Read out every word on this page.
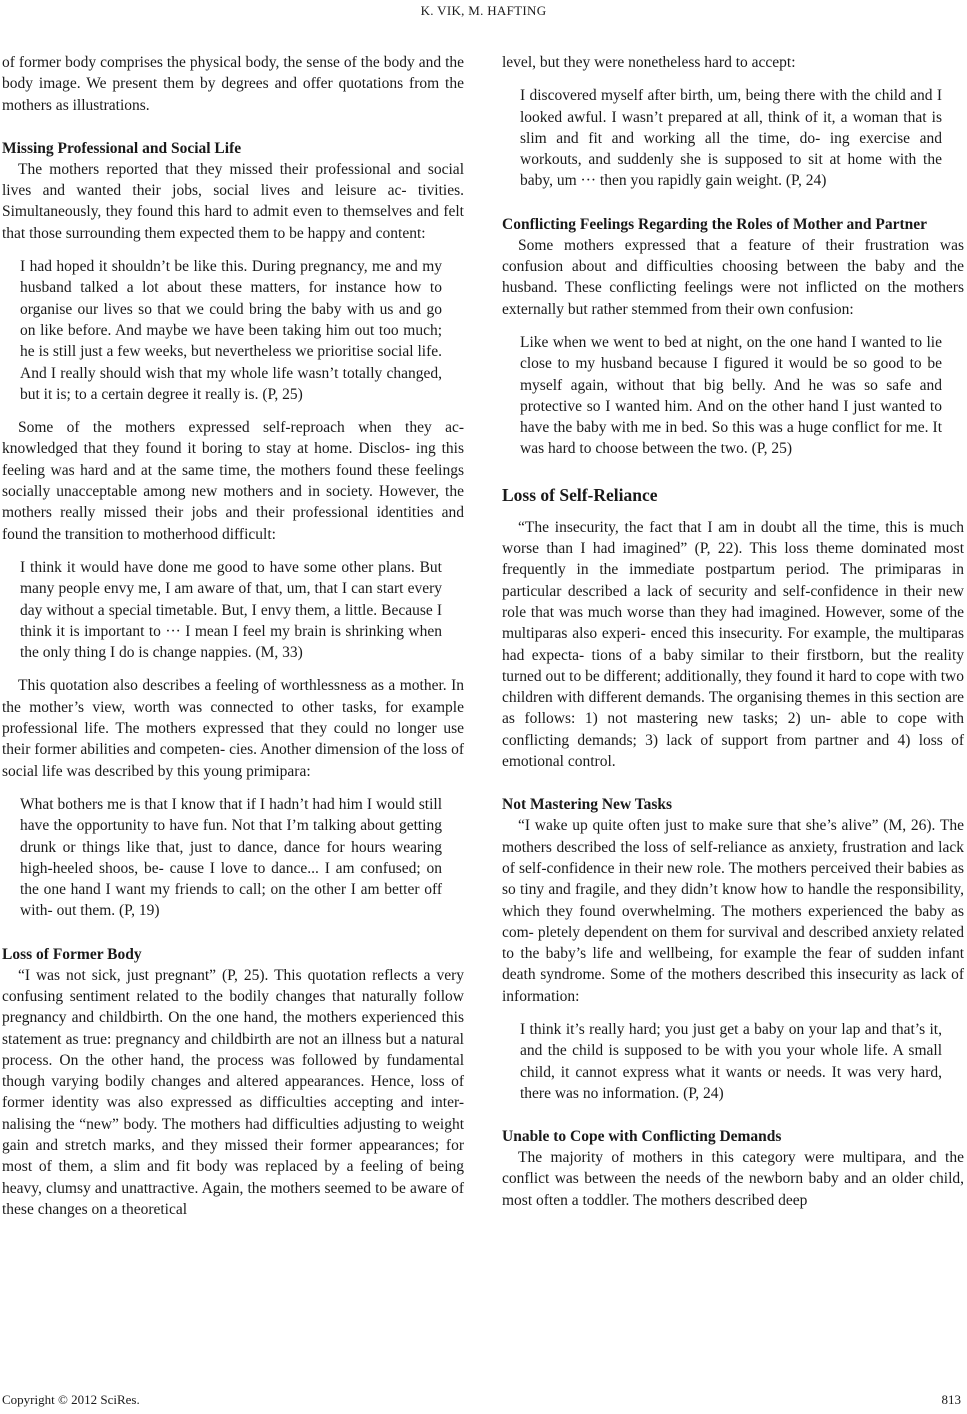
K. VIK, M. HAFTING

of former body comprises the physical body, the sense of the body and the body image. We present them by degrees and offer quotations from the mothers as illustrations.

Missing Professional and Social Life

The mothers reported that they missed their professional and social lives and wanted their jobs, social lives and leisure ac- tivities. Simultaneously, they found this hard to admit even to themselves and felt that those surrounding them expected them to be happy and content:

I had hoped it shouldn’t be like this. During pregnancy, me and my husband talked a lot about these matters, for instance how to organise our lives so that we could bring the baby with us and go on like before. And maybe we have been taking him out too much; he is still just a few weeks, but nevertheless we prioritise social life. And I really should wish that my whole life wasn’t totally changed, but it is; to a certain degree it really is. (P, 25)

Some of the mothers expressed self-reproach when they ac- knowledged that they found it boring to stay at home. Disclos- ing this feeling was hard and at the same time, the mothers found these feelings socially unacceptable among new mothers and in society. However, the mothers really missed their jobs and their professional identities and found the transition to motherhood difficult:

I think it would have done me good to have some other plans. But many people envy me, I am aware of that, um, that I can start every day without a special timetable. But, I envy them, a little. Because I think it is important to ··· I mean I feel my brain is shrinking when the only thing I do is change nappies. (M, 33)

This quotation also describes a feeling of worthlessness as a mother. In the mother’s view, worth was connected to other tasks, for example professional life. The mothers expressed that they could no longer use their former abilities and competen- cies. Another dimension of the loss of social life was described by this young primipara:

What bothers me is that I know that if I hadn’t had him I would still have the opportunity to have fun. Not that I’m talking about getting drunk or things like that, just to dance, dance for hours wearing high-heeled shoos, be- cause I love to dance... I am confused; on the one hand I want my friends to call; on the other I am better off with- out them. (P, 19)

Loss of Former Body

“I was not sick, just pregnant” (P, 25). This quotation reflects a very confusing sentiment related to the bodily changes that naturally follow pregnancy and childbirth. On the one hand, the mothers experienced this statement as true: pregnancy and childbirth are not an illness but a natural process. On the other hand, the process was followed by fundamental though varying bodily changes and altered appearances. Hence, loss of former identity was also expressed as difficulties accepting and inter- nalising the “new” body. The mothers had difficulties adjusting to weight gain and stretch marks, and they missed their former appearances; for most of them, a slim and fit body was replaced by a feeling of being heavy, clumsy and unattractive. Again, the mothers seemed to be aware of these changes on a theoretical

level, but they were nonetheless hard to accept:

I discovered myself after birth, um, being there with the child and I looked awful. I wasn’t prepared at all, think of it, a woman that is slim and fit and working all the time, do- ing exercise and workouts, and suddenly she is supposed to sit at home with the baby, um ··· then you rapidly gain weight. (P, 24)

Conflicting Feelings Regarding the Roles of Mother and Partner

Some mothers expressed that a feature of their frustration was confusion about and difficulties choosing between the baby and the husband. These conflicting feelings were not inflicted on the mothers externally but rather stemmed from their own confusion:

Like when we went to bed at night, on the one hand I wanted to lie close to my husband because I figured it would be so good to be myself again, without that big belly. And he was so safe and protective so I wanted him. And on the other hand I just wanted to have the baby with me in bed. So this was a huge conflict for me. It was hard to choose between the two. (P, 25)

Loss of Self-Reliance

“The insecurity, the fact that I am in doubt all the time, this is much worse than I had imagined” (P, 22). This loss theme dominated most frequently in the immediate postpartum period. The primiparas in particular described a lack of security and self-confidence in their new role that was much worse than they had imagined. However, some of the multiparas also experi- enced this insecurity. For example, the multiparas had expecta- tions of a baby similar to their firstborn, but the reality turned out to be different; additionally, they found it hard to cope with two children with different demands. The organising themes in this section are as follows: 1) not mastering new tasks; 2) un- able to cope with conflicting demands; 3) lack of support from partner and 4) loss of emotional control.

Not Mastering New Tasks

“I wake up quite often just to make sure that she’s alive” (M, 26). The mothers described the loss of self-reliance as anxiety, frustration and lack of self-confidence in their new role. The mothers perceived their babies as so tiny and fragile, and they didn’t know how to handle the responsibility, which they found overwhelming. The mothers experienced the baby as com- pletely dependent on them for survival and described anxiety related to the baby’s life and wellbeing, for example the fear of sudden infant death syndrome. Some of the mothers described this insecurity as lack of information:

I think it’s really hard; you just get a baby on your lap and that’s it, and the child is supposed to be with you your whole life. A small child, it cannot express what it wants or needs. It was very hard, there was no information. (P, 24)

Unable to Cope with Conflicting Demands

The majority of mothers in this category were multipara, and the conflict was between the needs of the newborn baby and an older child, most often a toddler. The mothers described deep

Copyright © 2012 SciRes.	813
